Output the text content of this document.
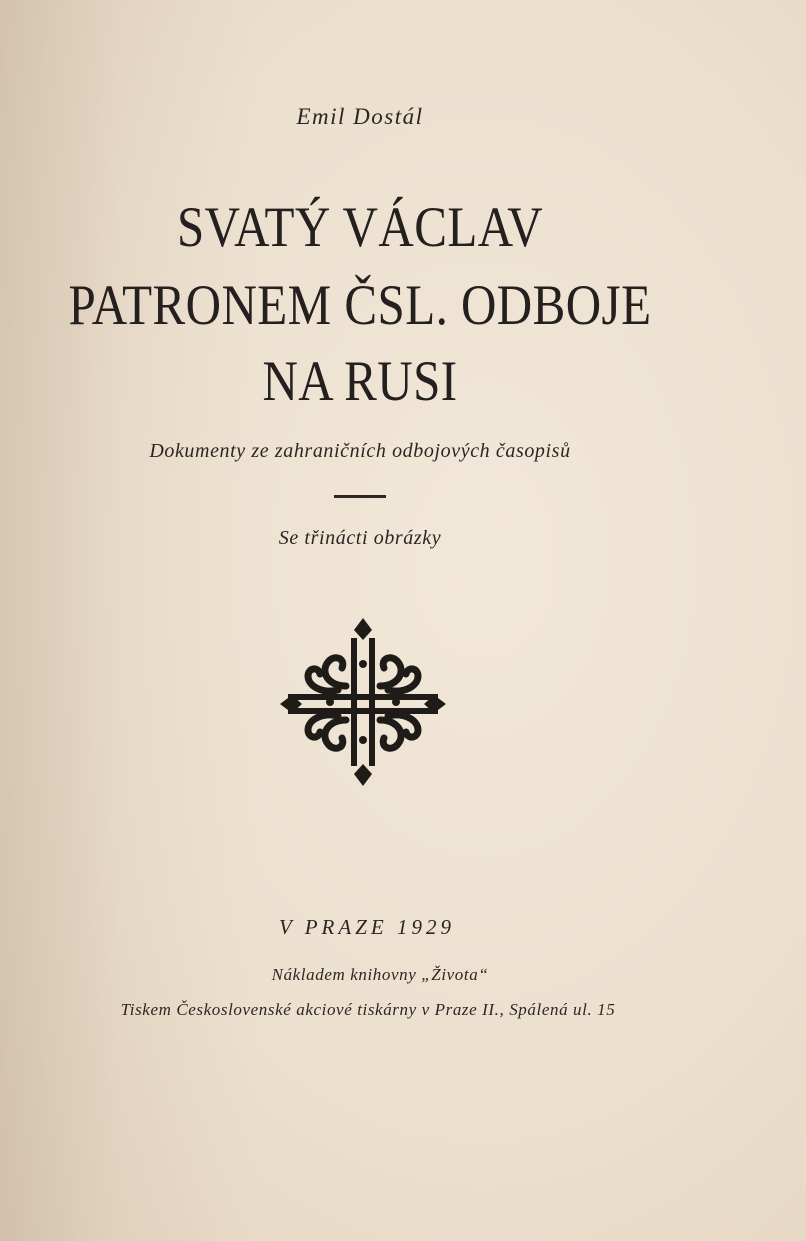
Emil Dostál
SVATÝ VÁCLAV
PATRONEM ČSL. ODBOJE
NA RUSI
Dokumenty ze zahraničních odbojových časopisů
Se třinácti obrázky
V PRAZE 1929
Nákladem knihovny „Života“
Tiskem Československé akciové tiskárny v Praze II., Spálená ul. 15
